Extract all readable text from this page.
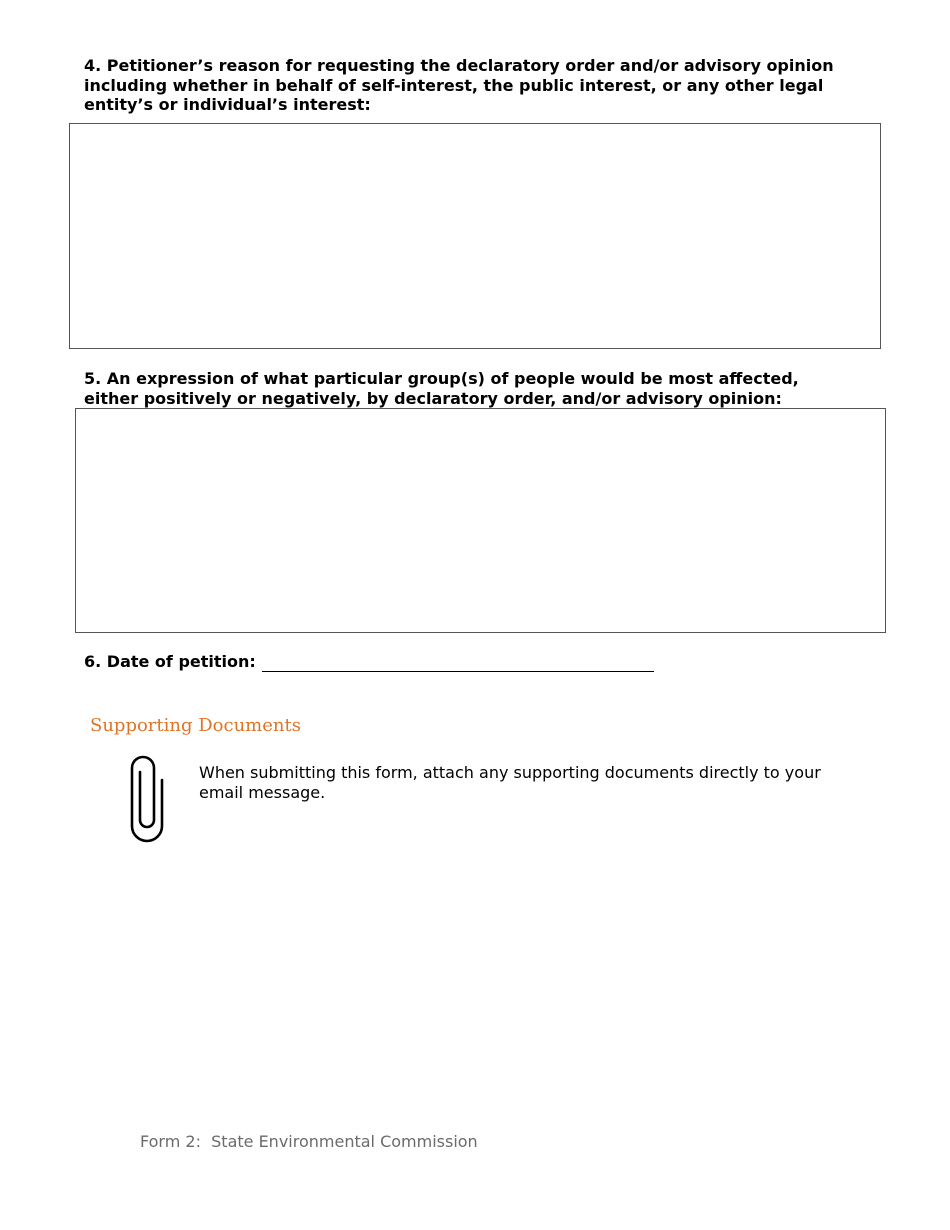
4. Petitioner’s reason for requesting the declaratory order and/or advisory opinion including whether in behalf of self-interest, the public interest, or any other legal entity’s or individual’s interest:

5. An expression of what particular group(s) of people would be most affected, either positively or negatively, by declaratory order, and/or advisory opinion:

6. Date of petition:
Supporting Documents

When submitting this form, attach any supporting documents directly to your email message.

Form 2:  State Environmental Commission
